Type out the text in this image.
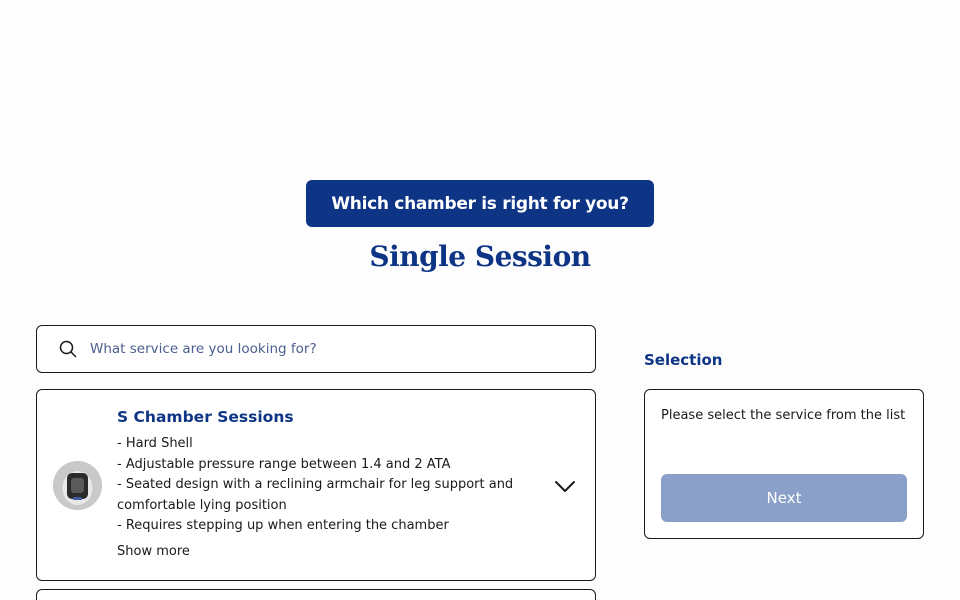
Which chamber is right for you?
Single Session
What service are you looking for?
S Chamber Sessions
- Hard Shell
- Adjustable pressure range between 1.4 and 2 ATA
- Seated design with a reclining armchair for leg support and comfortable lying position
- Requires stepping up when entering the chamber
Show more
Selection

Please select the service from the list

Next
